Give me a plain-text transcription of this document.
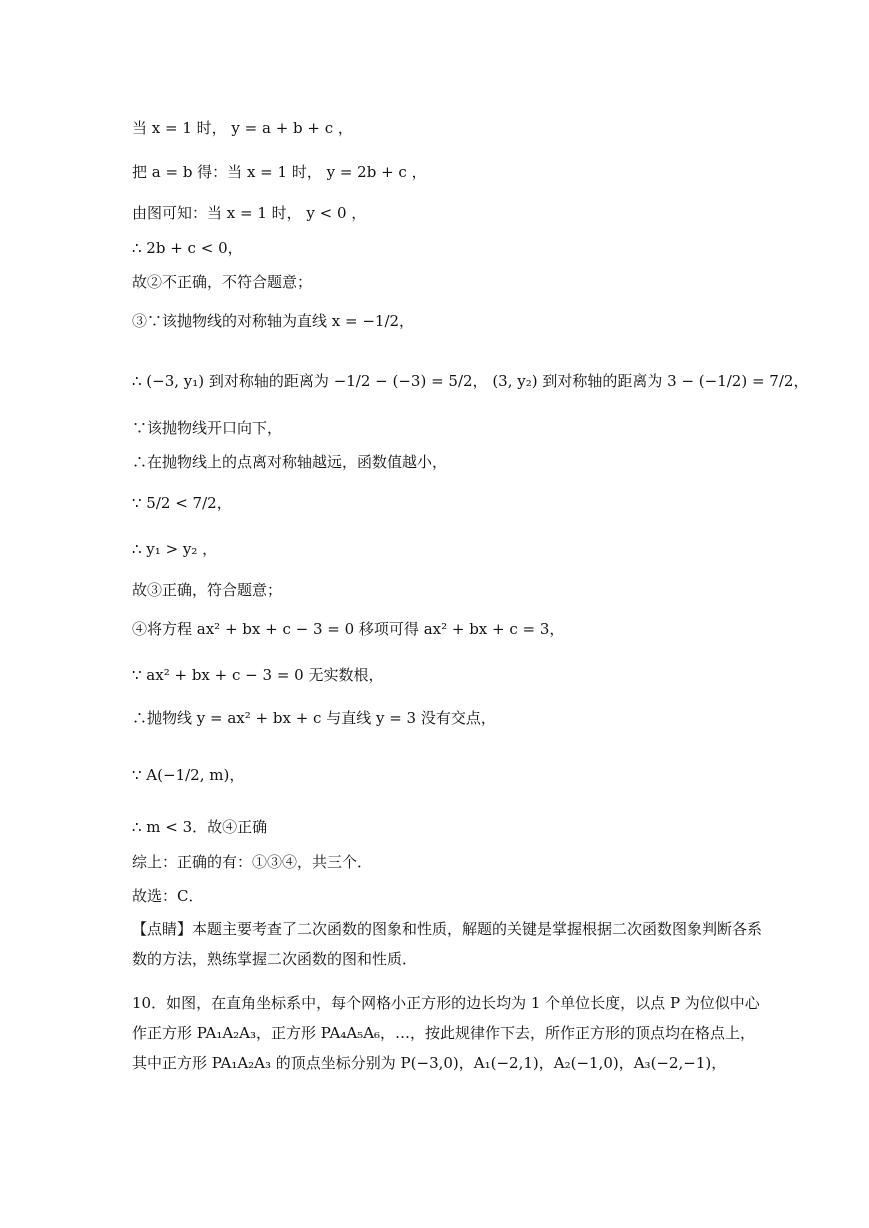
当 x = 1 时， y = a + b + c ，
把 a = b 得：当 x = 1 时， y = 2b + c ，
由图可知：当 x = 1 时， y < 0 ，
∴ 2b + c < 0，
故②不正确，不符合题意；
③∵该抛物线的对称轴为直线 x = −1/2，
∴ (−3, y₁) 到对称轴的距离为 −1/2 − (−3) = 5/2， (3, y₂) 到对称轴的距离为 3 − (−1/2) = 7/2，
∵该抛物线开口向下，
∴在抛物线上的点离对称轴越远，函数值越小，
∵ 5/2 < 7/2，
∴ y₁ > y₂ ，
故③正确，符合题意；
④将方程 ax² + bx + c − 3 = 0 移项可得 ax² + bx + c = 3，
∵ ax² + bx + c − 3 = 0 无实数根，
∴抛物线 y = ax² + bx + c 与直线 y = 3 没有交点，
∵ A(−1/2, m)，
∴ m < 3．故④正确
综上：正确的有：①③④，共三个．
故选：C．
【点睛】本题主要考查了二次函数的图象和性质，解题的关键是掌握根据二次函数图象判断各系数的方法，熟练掌握二次函数的图和性质．
10．如图，在直角坐标系中，每个网格小正方形的边长均为 1 个单位长度，以点 P 为位似中心作正方形 PA₁A₂A₃，正方形 PA₄A₅A₆，…，按此规律作下去，所作正方形的顶点均在格点上，其中正方形 PA₁A₂A₃ 的顶点坐标分别为 P(−3,0)，A₁(−2,1)，A₂(−1,0)，A₃(−2,−1)，
